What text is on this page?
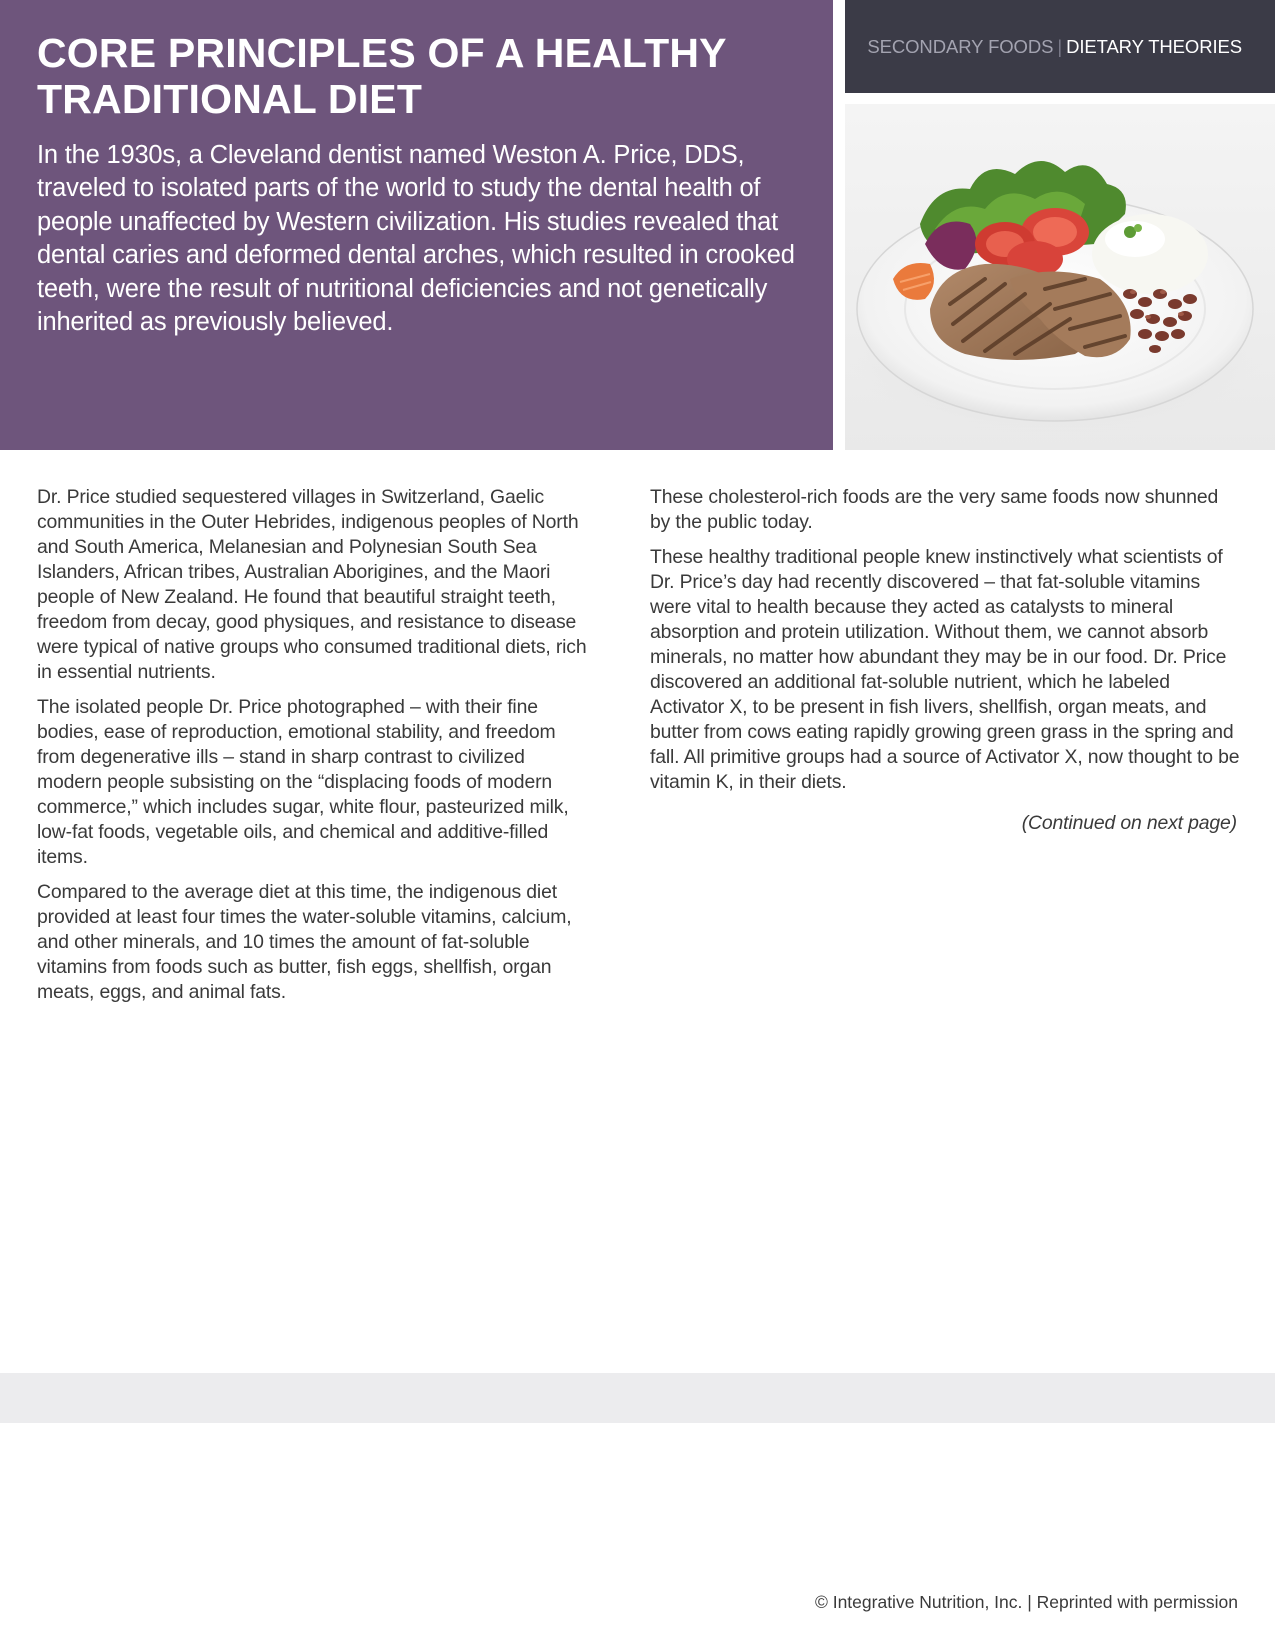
CORE PRINCIPLES OF A HEALTHY TRADITIONAL DIET

In the 1930s, a Cleveland dentist named Weston A. Price, DDS, traveled to isolated parts of the world to study the dental health of people unaffected by Western civilization. His studies revealed that dental caries and deformed dental arches, which resulted in crooked teeth, were the result of nutritional deficiencies and not genetically inherited as previously believed.

SECONDARY FOODS | DIETARY THEORIES

Dr. Price studied sequestered villages in Switzerland, Gaelic communities in the Outer Hebrides, indigenous peoples of North and South America, Melanesian and Polynesian South Sea Islanders, African tribes, Australian Aborigines, and the Maori people of New Zealand. He found that beautiful straight teeth, freedom from decay, good physiques, and resistance to disease were typical of native groups who consumed traditional diets, rich in essential nutrients.

The isolated people Dr. Price photographed – with their fine bodies, ease of reproduction, emotional stability, and freedom from degenerative ills – stand in sharp contrast to civilized modern people subsisting on the “displacing foods of modern commerce,” which includes sugar, white flour, pasteurized milk, low-fat foods, vegetable oils, and chemical and additive-filled items.

Compared to the average diet at this time, the indigenous diet provided at least four times the water-soluble vitamins, calcium, and other minerals, and 10 times the amount of fat-soluble vitamins from foods such as butter, fish eggs, shellfish, organ meats, eggs, and animal fats.

These cholesterol-rich foods are the very same foods now shunned by the public today.

These healthy traditional people knew instinctively what scientists of Dr. Price’s day had recently discovered – that fat-soluble vitamins were vital to health because they acted as catalysts to mineral absorption and protein utilization. Without them, we cannot absorb minerals, no matter how abundant they may be in our food. Dr. Price discovered an additional fat-soluble nutrient, which he labeled Activator X, to be present in fish livers, shellfish, organ meats, and butter from cows eating rapidly growing green grass in the spring and fall. All primitive groups had a source of Activator X, now thought to be vitamin K, in their diets.

(Continued on next page)

© Integrative Nutrition, Inc. | Reprinted with permission
